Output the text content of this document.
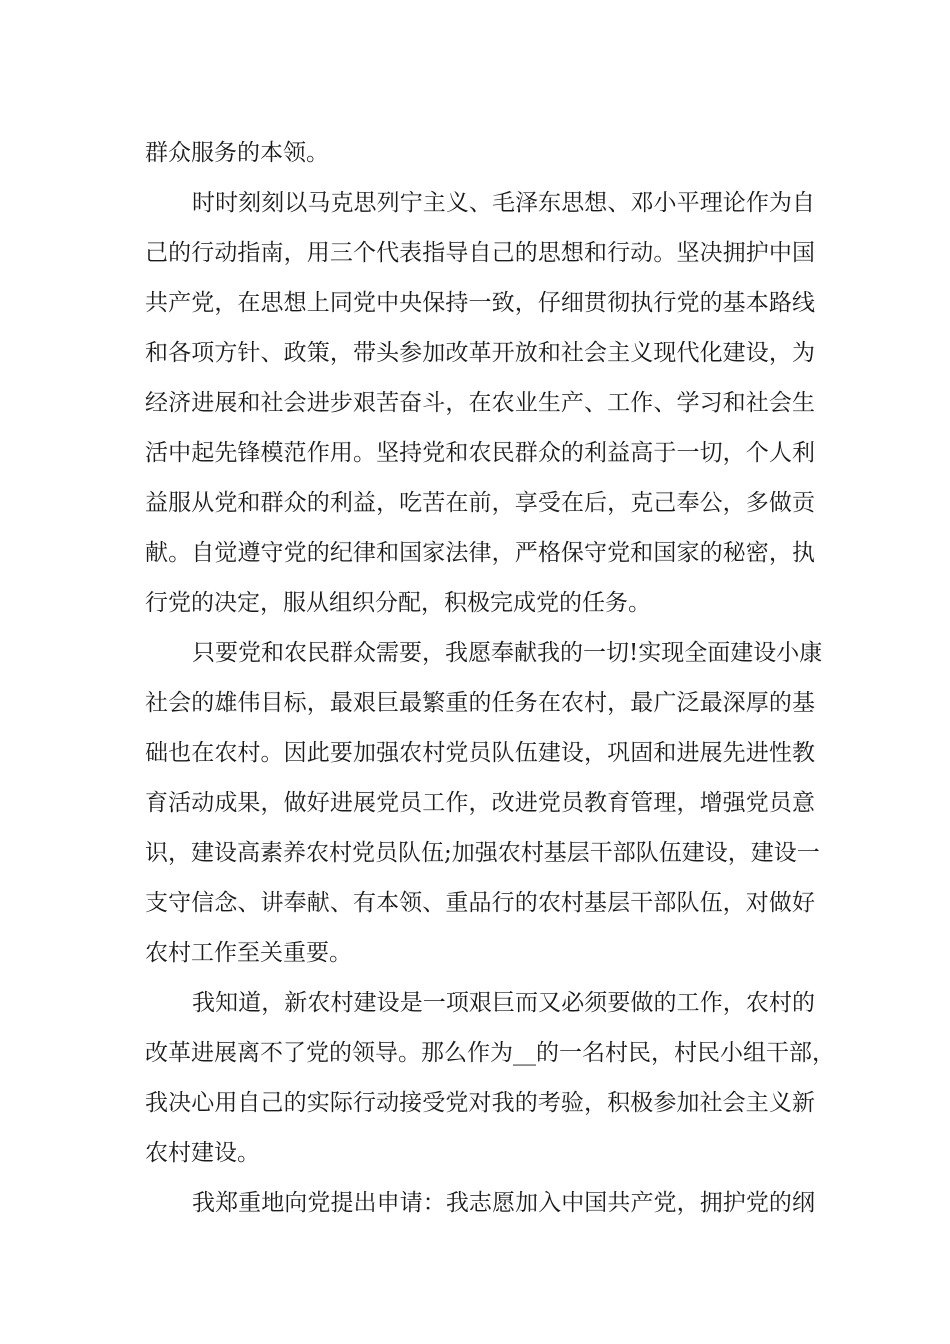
群众服务的本领。
时时刻刻以马克思列宁主义、毛泽东思想、邓小平理论作为自
己的行动指南，用三个代表指导自己的思想和行动。坚决拥护中国
共产党，在思想上同党中央保持一致，仔细贯彻执行党的基本路线
和各项方针、政策，带头参加改革开放和社会主义现代化建设，为
经济进展和社会进步艰苦奋斗，在农业生产、工作、学习和社会生
活中起先锋模范作用。坚持党和农民群众的利益高于一切，个人利
益服从党和群众的利益，吃苦在前，享受在后，克己奉公，多做贡
献。自觉遵守党的纪律和国家法律，严格保守党和国家的秘密，执
行党的决定，服从组织分配，积极完成党的任务。
只要党和农民群众需要，我愿奉献我的一切!实现全面建设小康
社会的雄伟目标，最艰巨最繁重的任务在农村，最广泛最深厚的基
础也在农村。因此要加强农村党员队伍建设，巩固和进展先进性教
育活动成果，做好进展党员工作，改进党员教育管理，增强党员意
识，建设高素养农村党员队伍;加强农村基层干部队伍建设，建设一
支守信念、讲奉献、有本领、重品行的农村基层干部队伍，对做好
农村工作至关重要。
我知道，新农村建设是一项艰巨而又必须要做的工作，农村的
改革进展离不了党的领导。那么作为__的一名村民，村民小组干部，
我决心用自己的实际行动接受党对我的考验，积极参加社会主义新
农村建设。
我郑重地向党提出申请：我志愿加入中国共产党，拥护党的纲
